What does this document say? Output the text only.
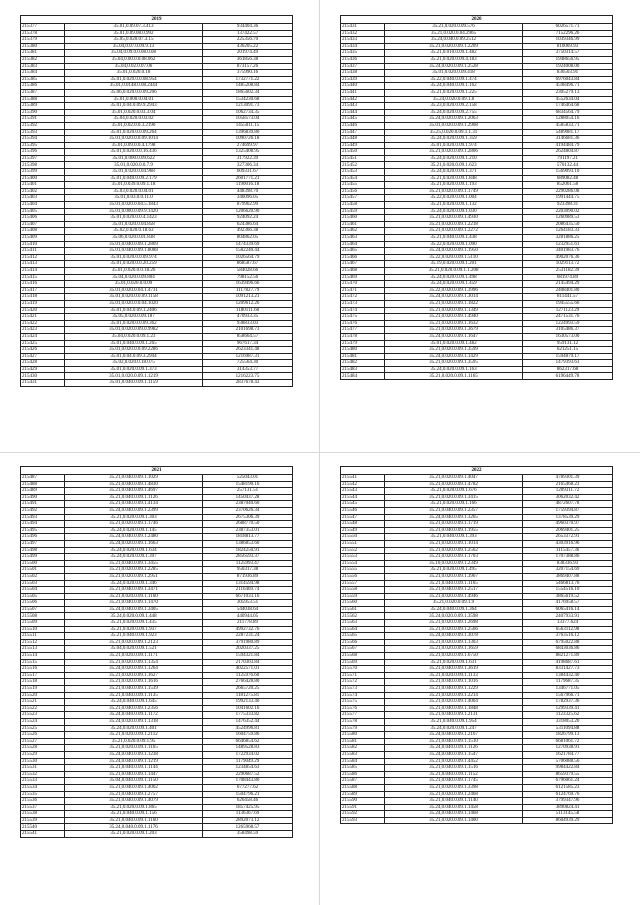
2019		
215377	35.01,0.09.07.3.413	934404.36
215378	35.01,0.09.08.0.992	137422.57
215379	35.05,0.020.07.3.15	225356.70
215380	35.04,0.07.0.09.9.13	436205.22
215381	35.04,0.09.0.0.08.0.08	201974.49
215382	35.04,0.00.0.0.08.062	361856.38
215383	35.04,0.02.0.07.06	873157.26
215384	35.01,0.020.0.18	375990.16
215385	35.01,0.020.0.0.08.954	1732771.22
215386	35.01,0.0148.0.08.2444	1485208.84
215387	35.06,0.020.0.0.09.206	1865602.34
215388	35.01,0.000.0.04.01	1534230.68
215389	35.01,0.04.0.09.9.2943	1213091.73
215390	35.01,0.020.0.03.3.04	1062734.35
215391	35.04,0.020.0.03.02	1058573.04
215392	35.01,0.02.0.0.3.2190	1455011.15
215393	35.01,0.020.0.0.09.264	1396839.80
215394	35.01,0.020.0.0.09.1014	1090726.18
215395	35.01,0.09.0.0.4.1798	274699.97
215396	35.01,0.020.0.0.16.436	1325408.95
215397	35.01,0.000.0.09.622	317922.39
215398	35.01,0.020.0.0.7.9	327306.34
215399	35.01,0.020.0.04.968	609331.67
215400	35.01,0.040.0.09.2.179	2601771.21
215401	35.01,0.039.0.09.1.18	1190016.18
215402	35.03,0.020.0.04.01	448398.70
215403	35.01,0.03.0.0.11.0	346096.05
215404	35.01,0.020.0.04.5.1843	879962.99
215405	35.01,0.000.0.09.9.1420	1206620.90
215406	35.01,0.020.0.0.4.1423	924092.24
215407	35.01,0.020.0.04.858	624386.64
215408	35.02,0.020.0.18.63	492366.38
215409	35.06,0.020.0.01.838	804862.05
215410	35.01,0.040.0.09.1.2869	1474339.69
215411	35.01,0.040.0.09.1.8088	1582240.44
215412	35.01,0.020.0.0.09.974	1026564.79
215413	35.01,0.020.0.0.20.259	868587.67
215414	35.01,0.020.0.0.18.26	584028.66
215415	35.04,0.020.0.09.804	798152.56
215416	35.01,0.020.0.0.09	1639496.66
215417	35.01,0.020.0.04.1.4731	1117827.79
215418	35.01,0.020.0.0.09.1158	1091213.21
215419	35.01,0.020.0.0.04.1020	1209612.26
215420	35.01,0.04.0.09.1.2406	1180111.68
215421	35.05,0.020.0.09.187	470933.35
215422	35.01,0.020.0.0.09.362	938833.03
215423	35.01,0.020.0.09.0.9982	2101698.73
215424	35.04,0.020.0.09.1.23	858664.57
215425	35.01,0.040.0.09.1.265	967617.34
215426	35.01,0.020.0.0.09.2286	2623341.48
215427	35.01,0.04.0.09.3.2944	1216987.31
215428	35.02,0.020.0.18.075	725564.30
215429	35.01,0.020.0.09.1.373	314353.77
215430	35.01,0.020.0.09.1.1219	1216223.75
215431	35.01,0.040.0.09.1.1159	2837678.43
2020		
215431	35.21,0.020.0.09.576	6026571.71
215432	35.21,0.020.0.04.2965	7152296.26
215433	35.24,0.040.0.09.2512	1039346.99
215434	35.21,0.020.0.09.1.2209	810069.93
215435	35.21,0.010.0.09.1.482	3750314.57
215436	35.21,0.020.0.09.4.183	1948656.95
215437	35.24,0.020.0.09.1.2528	1924008.00
215438	35.01,0.020.0.09.418	836503.91
215439	35.22,0.040.0.09.1.474	6976043.84
215440	35.24,0.040.0.09.1.162	4598496.71
215441	35.21,0.020.0.09.1.225	2305279.13
215442	35.24,0.020.0.09.1.8	4552634.04
215443	35.23,0.020.0.09.2.158	1746464.68
215444	35.24,0.020.0.09.2.755	6834564.79
215445	35.24,0.020.0.09.1.2063	1288054.16
215446	35.01,0.020.0.09.1.2908	4585833.71
215447	35.25,0.020.0.09.1.1.31	5489081.17
215448	35.24,0.020.0.09.1.359	3146681.36
215449	35.01,0.020.0.09.1.974	4194484.79
215450	35.21,0.020.0.09.1.2806	2624804.87
215451	35.24,0.020.0.09.1.210	791197.21
215452	35.21,0.020.0.09.1.623	570132.44
215453	35.24,0.020.0.09.1.371	1569093.10
215454	35.21,0.020.0.09.1.848	689082.48
215455	35.21,0.020.0.09.1.193	852061.58
215456	35.21,0.020.0.09.1.1749	2290286.08
215457	35.22,0.020.0.09.1.004	1991444.75
215458	35.21,0.020.0.09.1.132	923398.31
215459	35.24,0.020.0.09.1.030	2203090.02
215460	35.21,0.020.0.09.1.4930	1260989.53
215461	35.21,0.020.0.09.1.2218	2086435.50
215462	35.21,0.020.0.09.1.2272	1264183.33
215463	35.21,0.040.0.09.1.438	3281886.25
215464	35.22,0.020.0.09.1.090	1232951.61
215465	35.24,0.020.0.09.1.1950	3401983.76
215466	35.22,0.020.0.09.1.5110	4902076.36
215467	35.19,0.020.0.09.1.201	1029113.72
215468	35.21,0.020.0.09.1.1.208	2531182.39
215469	35.24,0.020.0.09.1.498	681974.89
215470	35.24,0.020.0.09.1.459	2145494.29
215471	35.22,0.020.0.09.1.3996	2408401.80
215472	35.24,0.020.0.09.1.3014	811441.57
215473	35.21,0.020.0.09.1.1822	1945555.66
215474	35.21,0.020.0.09.1.1349	1271123.29
215475	35.21,0.020.0.09.1.4940	2471531.76
215476	35.21,0.020.0.09.1.1632	1224993.59
215477	35.21,0.020.0.09.1.3679	3105486.37
215478	35.24,0.020.0.09.1.1647	1630573.00
215479	35.01,0.020.0.09.1.482	959131.12
215480	35.21,0.020.0.09.1.3599	621251.15
215481	35.24,0.020.0.09.1.1429	1594879.17
215482	35.21,0.020.0.09.1.3595	1479393.63
215483	35.24,0.020.0.09.1.163	862317.68
215484	35.21,0.020.0.09.1.1165	6196449.78
2021		
215487	35.21,0.040.0.09.1.1029	525043.01
215488	35.21,0.040.0.09.1.4830	1548190.16
215489	35.21,0.040.0.09.1.4697	257131.51
215490	35.21,0.040.0.09.1.1126	1450437.28
215491	35.21,0.040.0.09.1.4134	2387040.60
215492	35.24,0.040.0.09.1.2399	2370626.34
215493	35.21,0.020.0.09.1.303	2675306.39
215494	35.21,0.020.0.09.1.1746	2688770.50
215495	35.24,0.020.0.09.1.145	2387353.01
215496	35.24,0.040.0.09.1.2480	1818813.77
215497	35.24,0.020.0.09.1.1663	1386853.60
215498	35.24,0.020.0.09.1.634	1824250.91
215499	35.24,0.020.0.09.1.397	2856593.37
215500	35.21,0.040.0.09.1.3455	1125993.47
215501	35.21,0.020.0.09.1.2285	950317.38
215502	35.21,0.020.0.09.1.2951	871936.89
215503	35.24,0.020.0.09.1.346	1314594.98
215504	35.21,0.040.0.09.1.3471	2116469.74
215505	35.21,0.020.0.09.1.1160	6671033.16
215506	35.21,0.040.0.09.1.1470	305953.51
215507	35.24,0.040.0.09.1.3405	544038.64
215508	35.24,0.020.0.09.1.448	440944.05
215509	35.21,0.020.0.09.1.435	211778.89
215510	35.21,0.020.0.09.1.937	4992732.76
215511	35.21,0.040.0.09.1.923	2287231.24
215512	35.21,0.020.0.09.1.2123	3791980.89
215513	35.04,0.020.0.09.1.521	2020337.25
215514	35.21,0.020.0.09.1.1171	1594321.84
215515	35.21,0.020.0.09.1.1354	2170303.84
215516	35.24,0.020.0.09.1.1264	4022571.01
215517	35.21,0.020.0.09.1.1627	1125976.60
215518	35.21,0.020.0.09.1.1616	2766428.80
215519	35.21,0.040.0.09.1.1539	2665720.25
215520	35.21,0.040.0.09.1.1135	1181275.81
215521	35.24,0.040.0.09.1.645	1992133.40
215522	35.21,0.040.0.09.1.2356	1041602.16
215523	35.24,0.040.0.09.1.1172	1775333.82
215524	35.24,0.020.0.09.1.1318	1476352.44
215525	35.24,0.020.0.09.1.401	4524996.81
215526	35.21,0.020.0.09.1.2112	1604759.86
215527	35.21,0.020.0.09.1.95	6646854.62
215528	35.21,0.020.0.09.1.1165	1489528.83
215529	35.24,0.040.0.09.1.1238	1722934.02
215530	35.24,0.040.0.09.1.1219	1179049.29
215531	35.21,0.040.0.09.1.1144	1234854.63
215532	35.21,0.040.0.09.1.1447	2290687.52
215533	35.04,0.040.0.09.1.1150	1708443.80
215534	35.21,0.040.0.09.1.4002	677277.62
215535	35.21,0.040.0.09.1.2757	1504796.21
215536	35.21,0.040.0.09.1.4079	626458.46
215537	35.21,0.020.0.09.1.865	1857425.95
215538	35.21,0.040.0.09.1.156	1136367.69
215539	35.21,0.040.0.09.1.1160	2892073.12
215540	35.24,0.040.0.09.1.1176	1265968.57
215541	35.21,0.020.0.09.1.203	358498.59
2022		
215541	35.21,0.020.0.09.1.4047	4789301.39
215542	35.21,0.020.0.09.1.4782	2165468.23
215543	35.21,0.020.0.09.1.676	1209311.72
215544	35.21,0.020.0.09.1.3415	3062032.42
215545	35.21,0.020.0.09.1.166	4872607.78
215546	35.21,0.040.0.09.1.2357	1759394.87
215547	35.24,0.040.0.09.1.3265	1378539.29
215548	35.21,0.020.0.09.1.1719	4960370.97
215549	35.21,0.040.0.09.1.1955	2069401.25
215550	35.21,0.040.0.09.1.393	2653372.91
215551	35.21,0.020.0.09.1.1014	4303916.96
215552	35.21,0.020.0.09.1.2562	1115457.36
215553	35.21,0.020.0.09.1.1703	1707388.86
215554	35.10,0.020.0.09.1.2349	838336.93
215555	35.21,0.020.0.09.1.495	3207154.69
215556	35.21,0.020.0.09.1.3967	3869407.88
215557	35.21,0.040.0.09.1.1165	5466813.76
215558	35.21,0.040.0.09.1.2517	1554516.10
215559	35.21,0.020.0.09.1.4946	3865619.52
215560	35.21,0.020.0.09.1.9	4176958.57
215561	35.24,0.040.0.09.1.364	6065416.14
215562	35.24,0.020.0.09.1.3598	2407933.91
215563	35.21,0.020.0.09.1.2698	13377.624
215564	35.21,0.020.0.09.1.2566	6563112.98
215565	35.24,0.040.0.09.1.3078	3763516.12
215566	35.21,0.020.0.09.1.1303	6795022.88
215567	35.21,0.020.0.09.1.1659	6843036.86
215568	35.21,0.020.0.09.1.6750	8821271.89
215569	35.21,0.020.0.09.1.631	4198687.61
215570	35.21,0.040.0.09.1.3619	8331427.73
215571	35.21,0.020.0.09.1.1133	1384432.40
215572	35.21,0.040.0.09.1.1016	1179687.35
215573	35.21,0.040.0.09.1.1229	1346771.05
215574	35.21,0.020.0.09.1.2214	1567966.71
215575	35.21,0.020.0.09.1.4004	1782937.36
215576	35.21,0.040.0.09.1.1848	1299339.41
215577	35.21,0.040.0.09.1.2131	1123325.62
215578	35.21,0.040.0.09.1.954	3318053.20
215579	35.24,0.020.0.09.1.247	5311094.88
215580	35.24,0.040.0.09.1.2167	1826799.13
215581	35.21,0.040.0.09.1.1510	6681061.72
215582	35.24,0.040.0.09.1.1126	1270938.91
215583	35.24,0.040.0.09.1.1547	1621784.77
215584	35.21,0.020.0.09.1.4452	5706088.56
215585	35.21,0.040.0.09.1.1516	9984422.84
215586	35.21,0.040.0.09.1.1152	8659379.55
215587	35.21,0.040.0.09.1.1745	6796061.24
215588	35.21,0.020.0.09.1.3398	6121585.23
215589	35.21,0.020.0.09.1.2468	6124769.76
215590	35.21,0.040.0.09.1.1140	3799347.96
215591	35.24,0.040.0.09.1.1458	3890824.41
215592	35.24,0.040.0.09.1.1468	5113145.58
215593	35.21,0.020.0.09.1.1400	8604939.29
